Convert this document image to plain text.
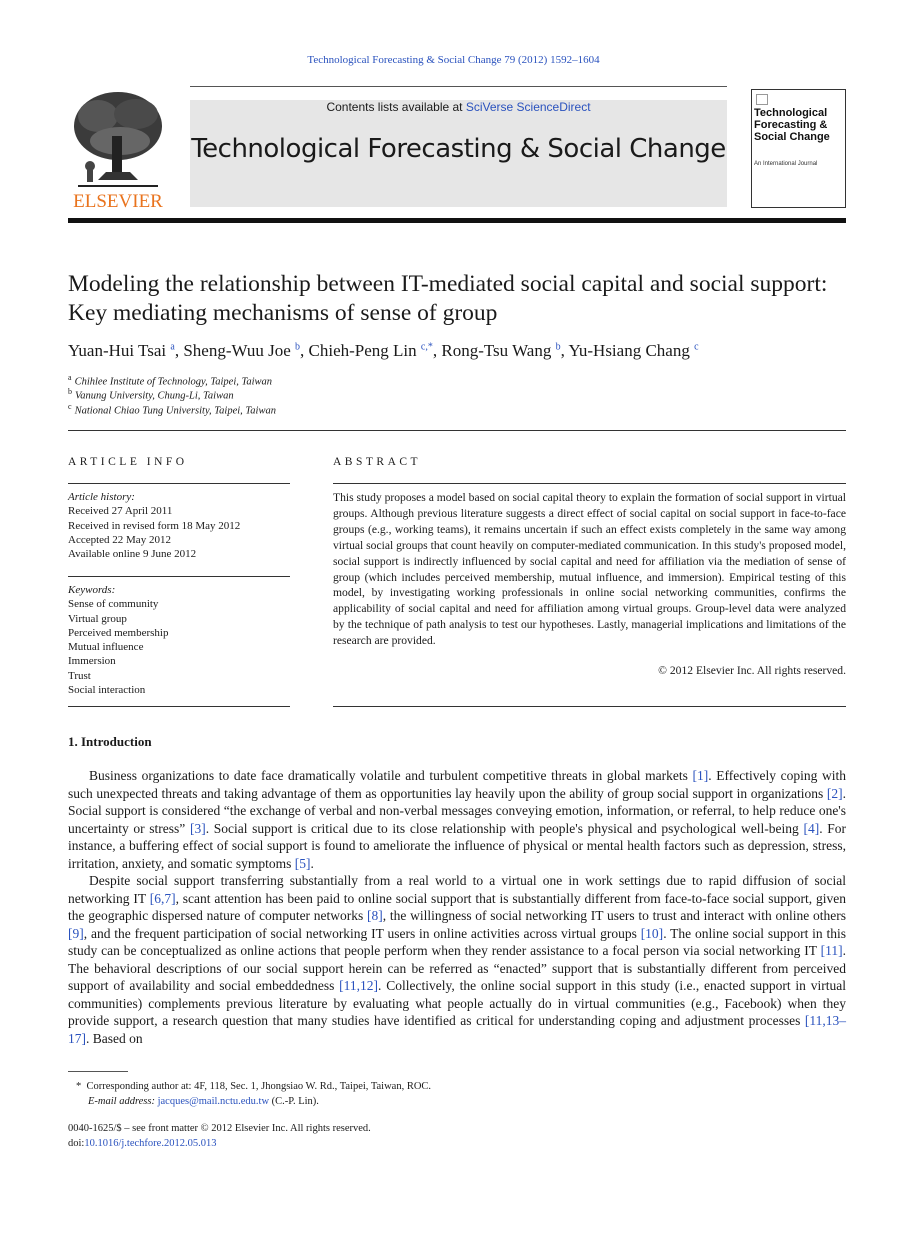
Technological Forecasting & Social Change 79 (2012) 1592–1604
ELSEVIER
Contents lists available at SciVerse ScienceDirect
Technological Forecasting & Social Change
Technological Forecasting & Social Change
An International Journal
Modeling the relationship between IT-mediated social capital and social support: Key mediating mechanisms of sense of group
Yuan-Hui Tsai $^a$, Sheng-Wuu Joe $^b$, Chieh-Peng Lin $^{c,*}$, Rong-Tsu Wang $^b$, Yu-Hsiang Chang $^c$
$^a$ Chihlee Institute of Technology, Taipei, Taiwan
$^b$ Vanung University, Chung-Li, Taiwan
$^c$ National Chiao Tung University, Taipei, Taiwan
ARTICLE INFO
Article history:
Received 27 April 2011
Received in revised form 18 May 2012
Accepted 22 May 2012
Available online 9 June 2012
Keywords:
Sense of community
Virtual group
Perceived membership
Mutual influence
Immersion
Trust
Social interaction
ABSTRACT
This study proposes a model based on social capital theory to explain the formation of social support in virtual groups. Although previous literature suggests a direct effect of social capital on social support in face-to-face groups (e.g., working teams), it remains uncertain if such an effect exists completely in the same way among virtual social groups that count heavily on computer-mediated communication. In this study's proposed model, social support is indirectly influenced by social capital and need for affiliation via the mediation of sense of group (which includes perceived membership, mutual influence, and immersion). Empirical testing of this model, by investigating working professionals in online social networking communities, confirms the applicability of social capital and need for affiliation among virtual groups. Group-level data were analyzed by the technique of path analysis to test our hypotheses. Lastly, managerial implications and limitations of the research are provided.
© 2012 Elsevier Inc. All rights reserved.
1. Introduction
Business organizations to date face dramatically volatile and turbulent competitive threats in global markets [1]. Effectively coping with such unexpected threats and taking advantage of them as opportunities lay heavily upon the ability of group social support in organizations [2]. Social support is considered “the exchange of verbal and non-verbal messages conveying emotion, information, or referral, to help reduce one's uncertainty or stress” [3]. Social support is critical due to its close relationship with people's physical and psychological well-being [4]. For instance, a buffering effect of social support is found to ameliorate the influence of physical or mental health factors such as depression, stress, irritation, anxiety, and somatic symptoms [5].
Despite social support transferring substantially from a real world to a virtual one in work settings due to rapid diffusion of social networking IT [6,7], scant attention has been paid to online social support that is substantially different from face-to-face social support, given the geographic dispersed nature of computer networks [8], the willingness of social networking IT users to trust and interact with online others [9], and the frequent participation of social networking IT users in online activities across virtual groups [10]. The online social support in this study can be conceptualized as online actions that people perform when they render assistance to a focal person via social networking IT [11]. The behavioral descriptions of our social support herein can be referred as “enacted” support that is substantially different from perceived support of availability and social embeddedness [11,12]. Collectively, the online social support in this study (i.e., enacted support in virtual communities) complements previous literature by evaluating what people actually do in virtual communities (e.g., Facebook) when they provide support, a research question that many studies have identified as critical for understanding coping and adjustment processes [11,13–17]. Based on
*  Corresponding author at: 4F, 118, Sec. 1, Jhongsiao W. Rd., Taipei, Taiwan, ROC.
E-mail address: jacques@mail.nctu.edu.tw (C.-P. Lin).
0040-1625/$ – see front matter © 2012 Elsevier Inc. All rights reserved.
doi:10.1016/j.techfore.2012.05.013
